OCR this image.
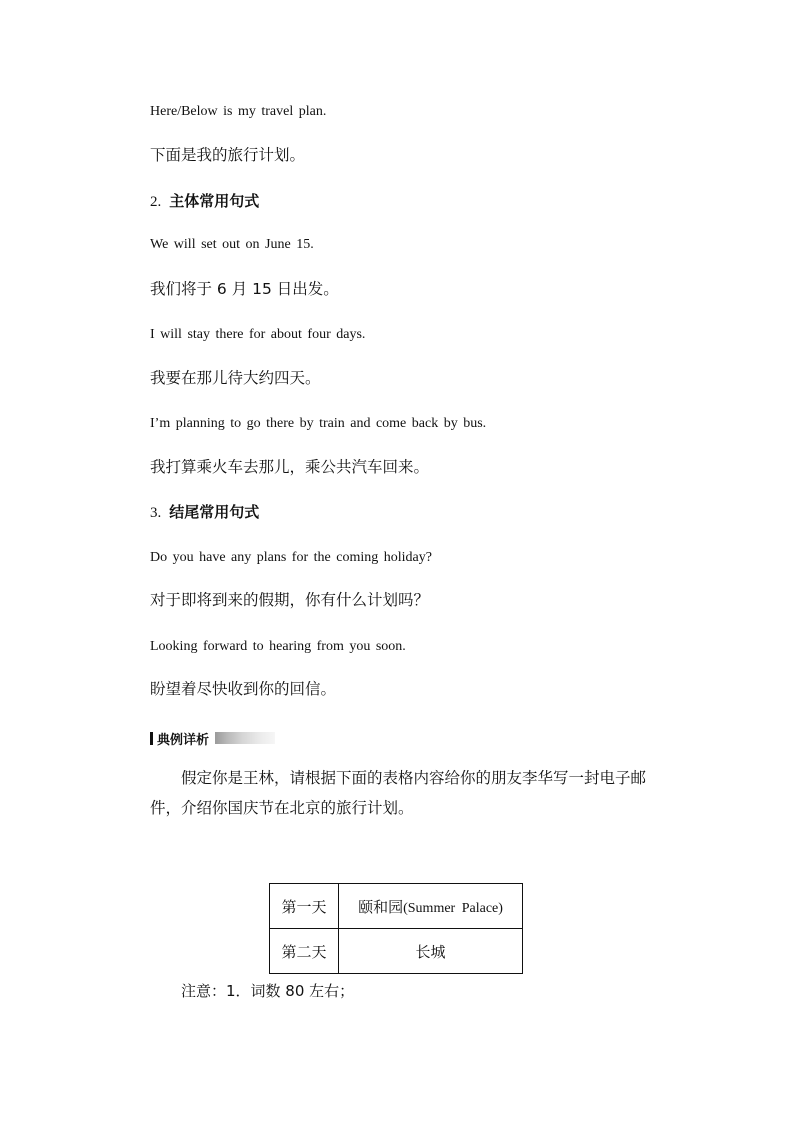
Here/Below is my travel plan.
下面是我的旅行计划。
2. 主体常用句式
We will set out on June 15.
我们将于 6 月 15 日出发。
I will stay there for about four days.
我要在那儿待大约四天。
I’m planning to go there by train and come back by bus.
我打算乘火车去那儿，乘公共汽车回来。
3. 结尾常用句式
Do you have any plans for the coming holiday?
对于即将到来的假期，你有什么计划吗？
Looking forward to hearing from you soon.
盼望着尽快收到你的回信。
典例详析
假定你是王林，请根据下面的表格内容给你的朋友李华写一封电子邮件，介绍你国庆节在北京的旅行计划。
第一天	颐和园(Summer Palace)
第二天	长城
注意：1．词数 80 左右；
